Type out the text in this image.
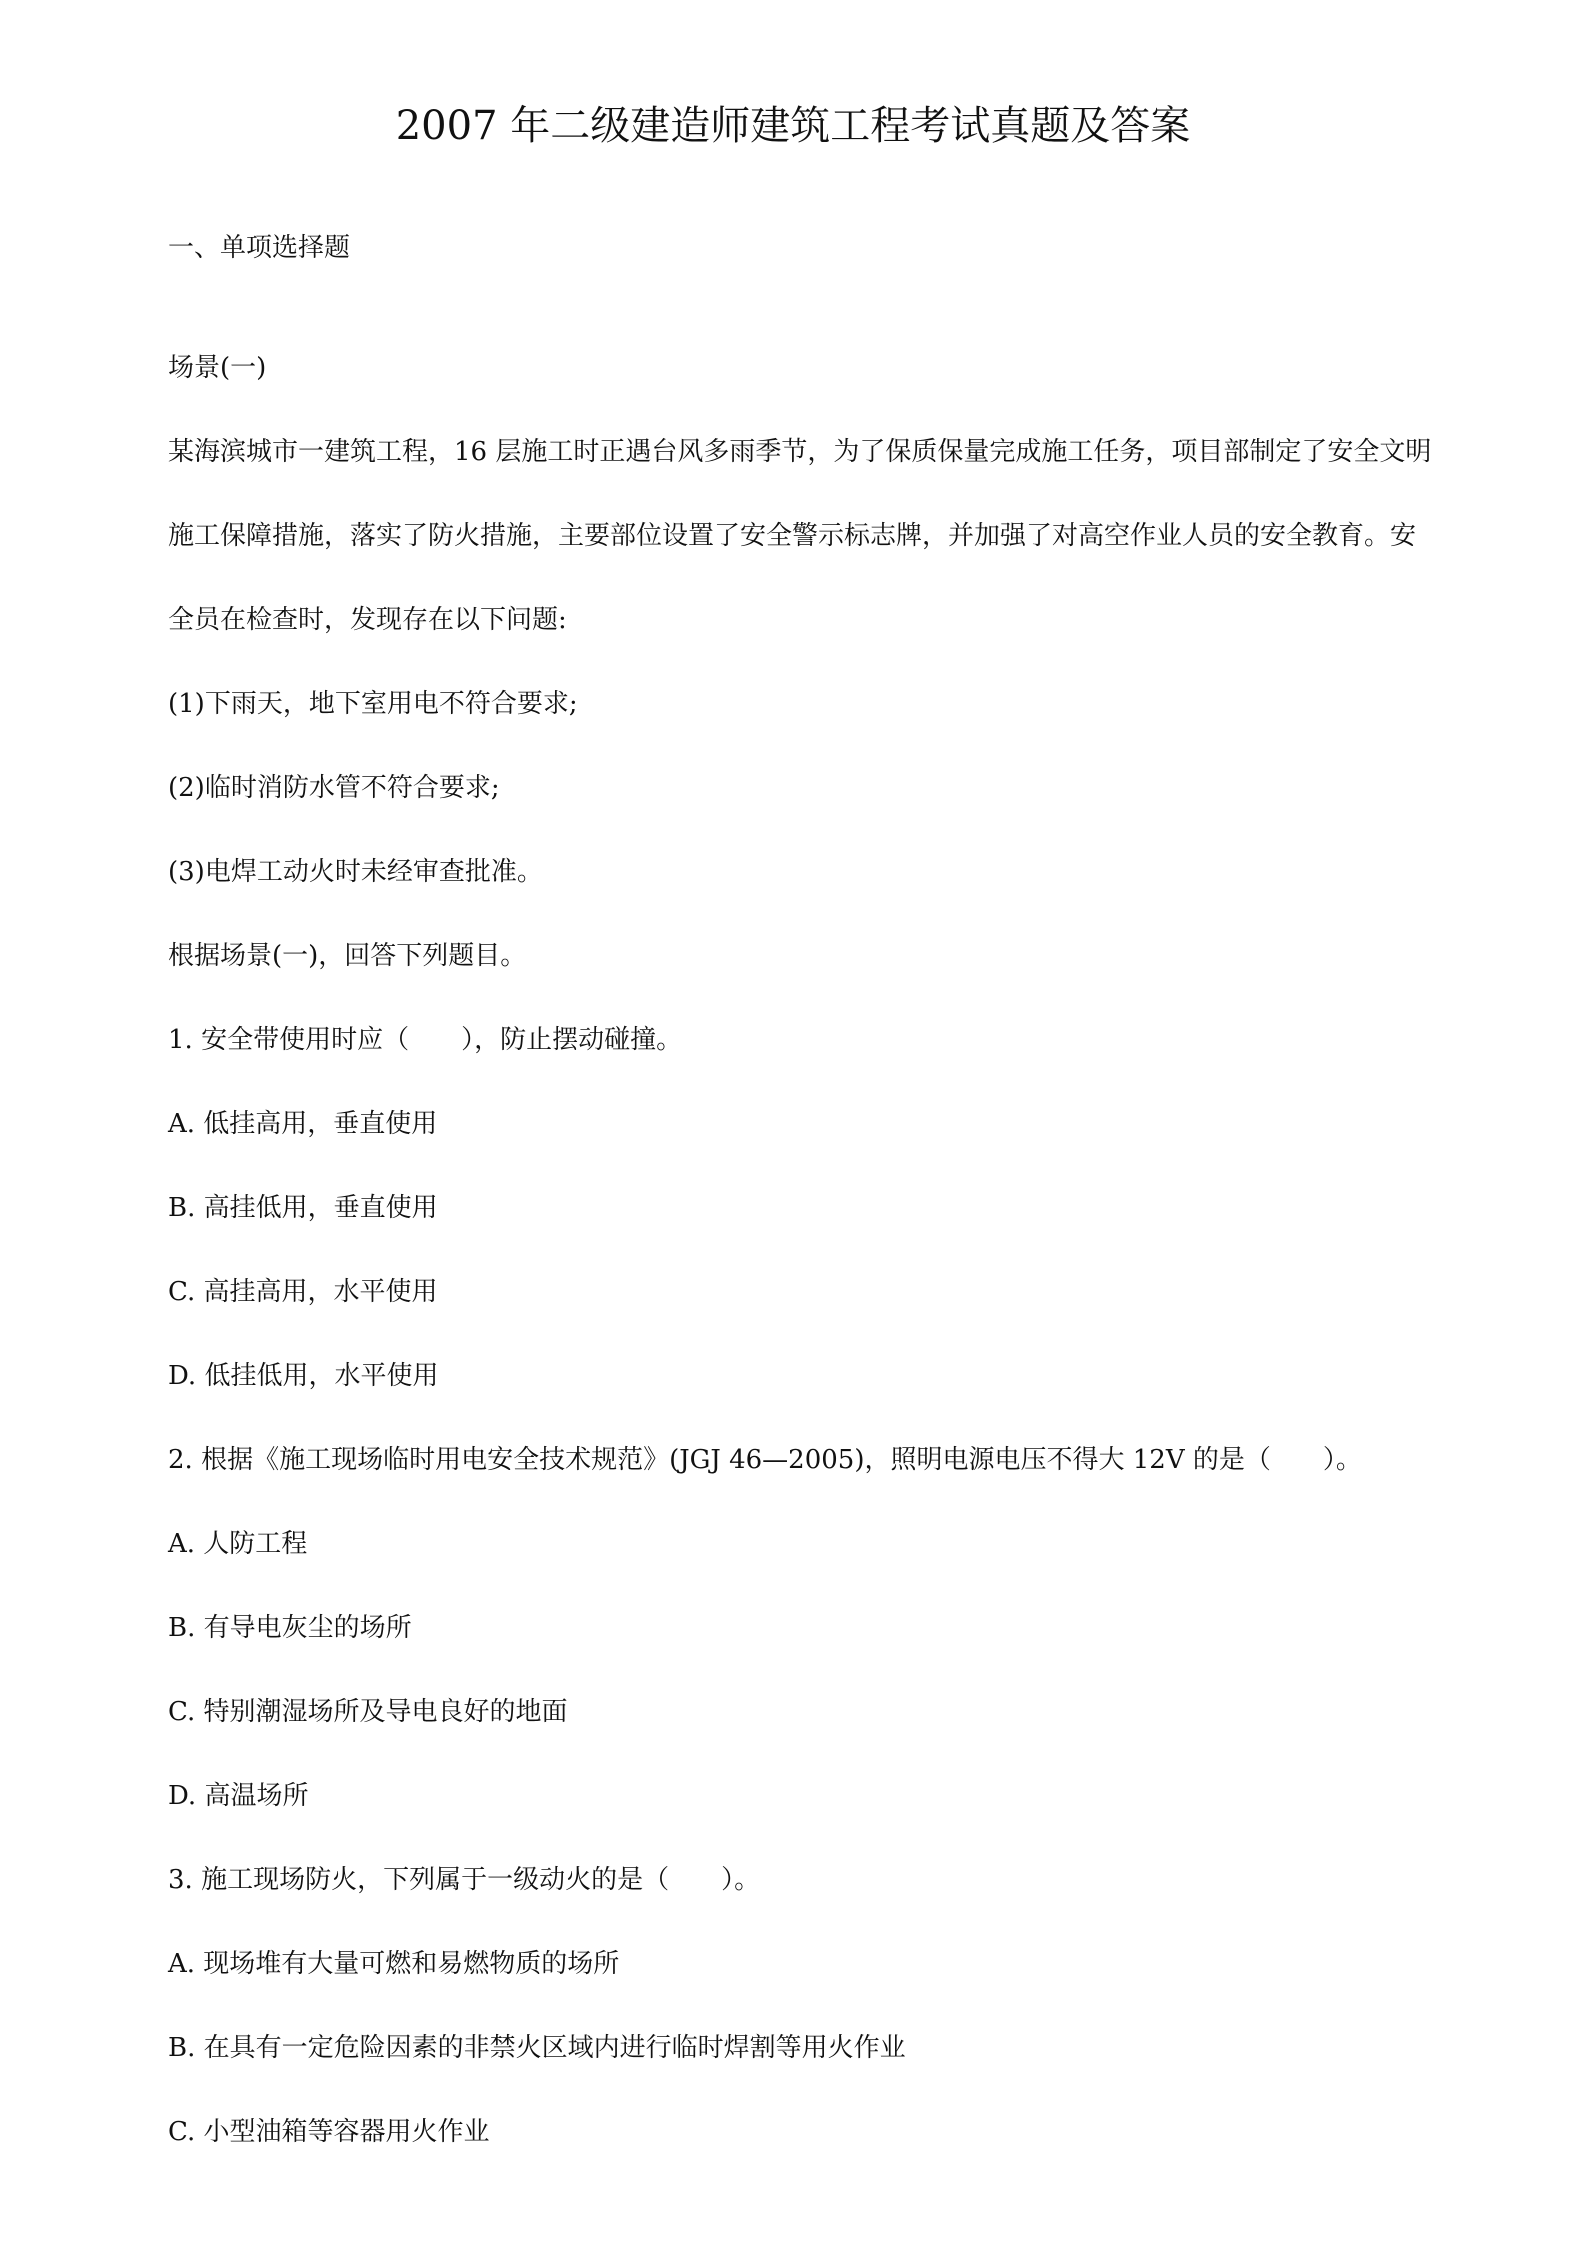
2007 年二级建造师建筑工程考试真题及答案
一、单项选择题
场景(一)
某海滨城市一建筑工程，16 层施工时正遇台风多雨季节，为了保质保量完成施工任务，项目部制定了安全文明
施工保障措施，落实了防火措施，主要部位设置了安全警示标志牌，并加强了对高空作业人员的安全教育。安
全员在检查时，发现存在以下问题:
(1)下雨天，地下室用电不符合要求;
(2)临时消防水管不符合要求;
(3)电焊工动火时未经审查批准。
根据场景(一)，回答下列题目。
1. 安全带使用时应（　　），防止摆动碰撞。
A. 低挂高用，垂直使用
B. 高挂低用，垂直使用
C. 高挂高用，水平使用
D. 低挂低用，水平使用
2. 根据《施工现场临时用电安全技术规范》(JGJ 46—2005)，照明电源电压不得大 12V 的是（　　）。
A. 人防工程
B. 有导电灰尘的场所
C. 特别潮湿场所及导电良好的地面
D. 高温场所
3. 施工现场防火，下列属于一级动火的是（　　）。
A. 现场堆有大量可燃和易燃物质的场所
B. 在具有一定危险因素的非禁火区域内进行临时焊割等用火作业
C. 小型油箱等容器用火作业
